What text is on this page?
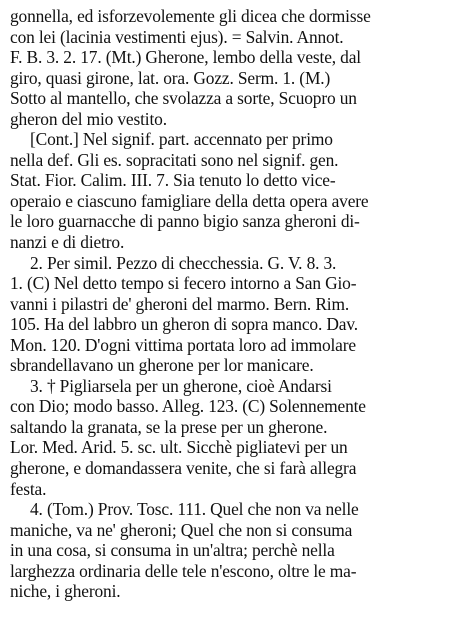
gonnella, ed isforzevolemente gli dicea che dormisse
con lei (lacinia vestimenti ejus). = Salvin. Annot.
F. B. 3. 2. 17. (Mt.) Gherone, lembo della veste, dal
giro, quasi girone, lat. ora. Gozz. Serm. 1. (M.)
Sotto al mantello, che svolazza a sorte, Scuopro un
gheron del mio vestito.
[Cont.] Nel signif. part. accennato per primo
nella def. Gli es. sopracitati sono nel signif. gen.
Stat. Fior. Calim. III. 7. Sia tenuto lo detto vice-
operaio e ciascuno famigliare della detta opera avere
le loro guarnacche di panno bigio sanza gheroni di-
nanzi e di dietro.
2. Per simil. Pezzo di checchessia. G. V. 8. 3.
1. (C) Nel detto tempo si fecero intorno a San Gio-
vanni i pilastri de' gheroni del marmo. Bern. Rim.
105. Ha del labbro un gheron di sopra manco. Dav.
Mon. 120. D'ogni vittima portata loro ad immolare
sbrandellavano un gherone per lor manicare.
3. † Pigliarsela per un gherone, cioè Andarsi
con Dio; modo basso. Alleg. 123. (C) Solennemente
saltando la granata, se la prese per un gherone.
Lor. Med. Arid. 5. sc. ult. Sicchè pigliatevi per un
gherone, e domandassera venite, che si farà allegra
festa.
4. (Tom.) Prov. Tosc. 111. Quel che non va nelle
maniche, va ne' gheroni; Quel che non si consuma
in una cosa, si consuma in un'altra; perchè nella
larghezza ordinaria delle tele n'escono, oltre le ma-
niche, i gheroni.
